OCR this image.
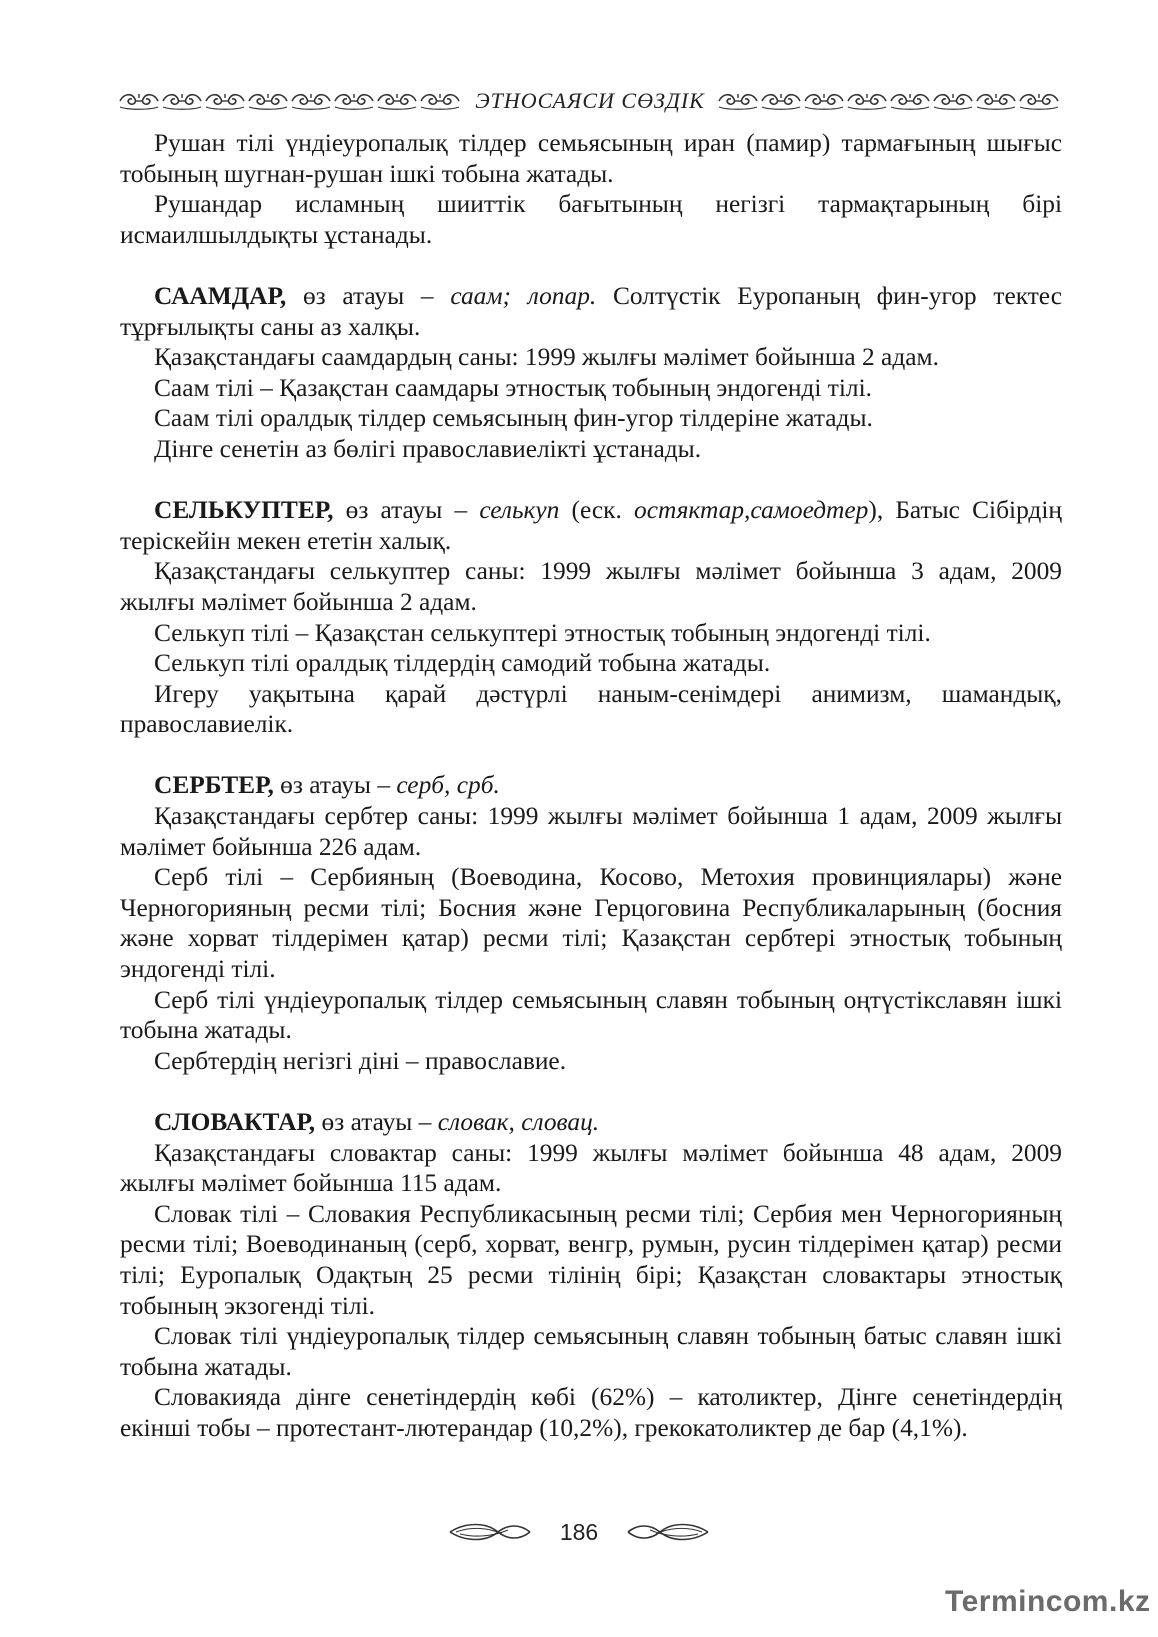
ЭТНОСАЯСИ СӨЗДІК

Рушан тілі үндіеуропалық тілдер семьясының иран (памир) тармағының шығыс тобының шугнан-рушан ішкі тобына жатады.

Рушандар исламның шииттік бағытының негізгі тармақтарының бірі исмаилшылдықты ұстанады.

СААМДАР, өз атауы – саам; лопар. Солтүстік Еуропаның фин-угор тектес тұрғылықты саны аз халқы.

Қазақстандағы саамдардың саны: 1999 жылғы мәлімет бойынша 2 адам.

Саам тілі – Қазақстан саамдары этностық тобының эндогенді тілі.

Саам тілі оралдық тілдер семьясының фин-угор тілдеріне жатады.

Дінге сенетін аз бөлігі православиелікті ұстанады.

СЕЛЬКУПТЕР, өз атауы – селькуп (еск. остяктар,самоедтер), Батыс Сібірдің теріскейін мекен ететін халық.

Қазақстандағы селькуптер саны: 1999 жылғы мәлімет бойынша 3 адам, 2009 жылғы мәлімет бойынша 2 адам.

Селькуп тілі – Қазақстан селькуптері этностық тобының эндогенді тілі.

Селькуп тілі оралдық тілдердің самодий тобына жатады.

Игеру уақытына қарай дәстүрлі наным-сенімдері анимизм, шамандық, православиелік.

СЕРБТЕР, өз атауы – серб, срб.

Қазақстандағы сербтер саны: 1999 жылғы мәлімет бойынша 1 адам, 2009 жылғы мәлімет бойынша 226 адам.

Серб тілі – Сербияның (Воеводина, Косово, Метохия провинциялары) және Черногорияның ресми тілі; Босния және Герцоговина Республикаларының (босния және хорват тілдерімен қатар) ресми тілі; Қазақстан сербтері этностық тобының эндогенді тілі.

Серб тілі үндіеуропалық тілдер семьясының славян тобының оңтүстікславян ішкі тобына жатады.

Сербтердің негізгі діні – православие.

СЛОВАКТАР, өз атауы – словак, словац.

Қазақстандағы словактар саны: 1999 жылғы мәлімет бойынша 48 адам, 2009 жылғы мәлімет бойынша 115 адам.

Словак тілі – Словакия Республикасының ресми тілі; Сербия мен Черногорияның ресми тілі; Воеводинаның (серб, хорват, венгр, румын, русин тілдерімен қатар) ресми тілі; Еуропалық Одақтың 25 ресми тілінің бірі; Қазақстан словактары этностық тобының экзогенді тілі.

Словак тілі үндіеуропалық тілдер семьясының славян тобының батыс славян ішкі тобына жатады.

Словакияда дінге сенетіндердің көбі (62%) – католиктер, Дінге сенетіндердің екінші тобы – протестант-лютерандар (10,2%), грекокатоликтер де бар (4,1%).

186
Termincom.kz
